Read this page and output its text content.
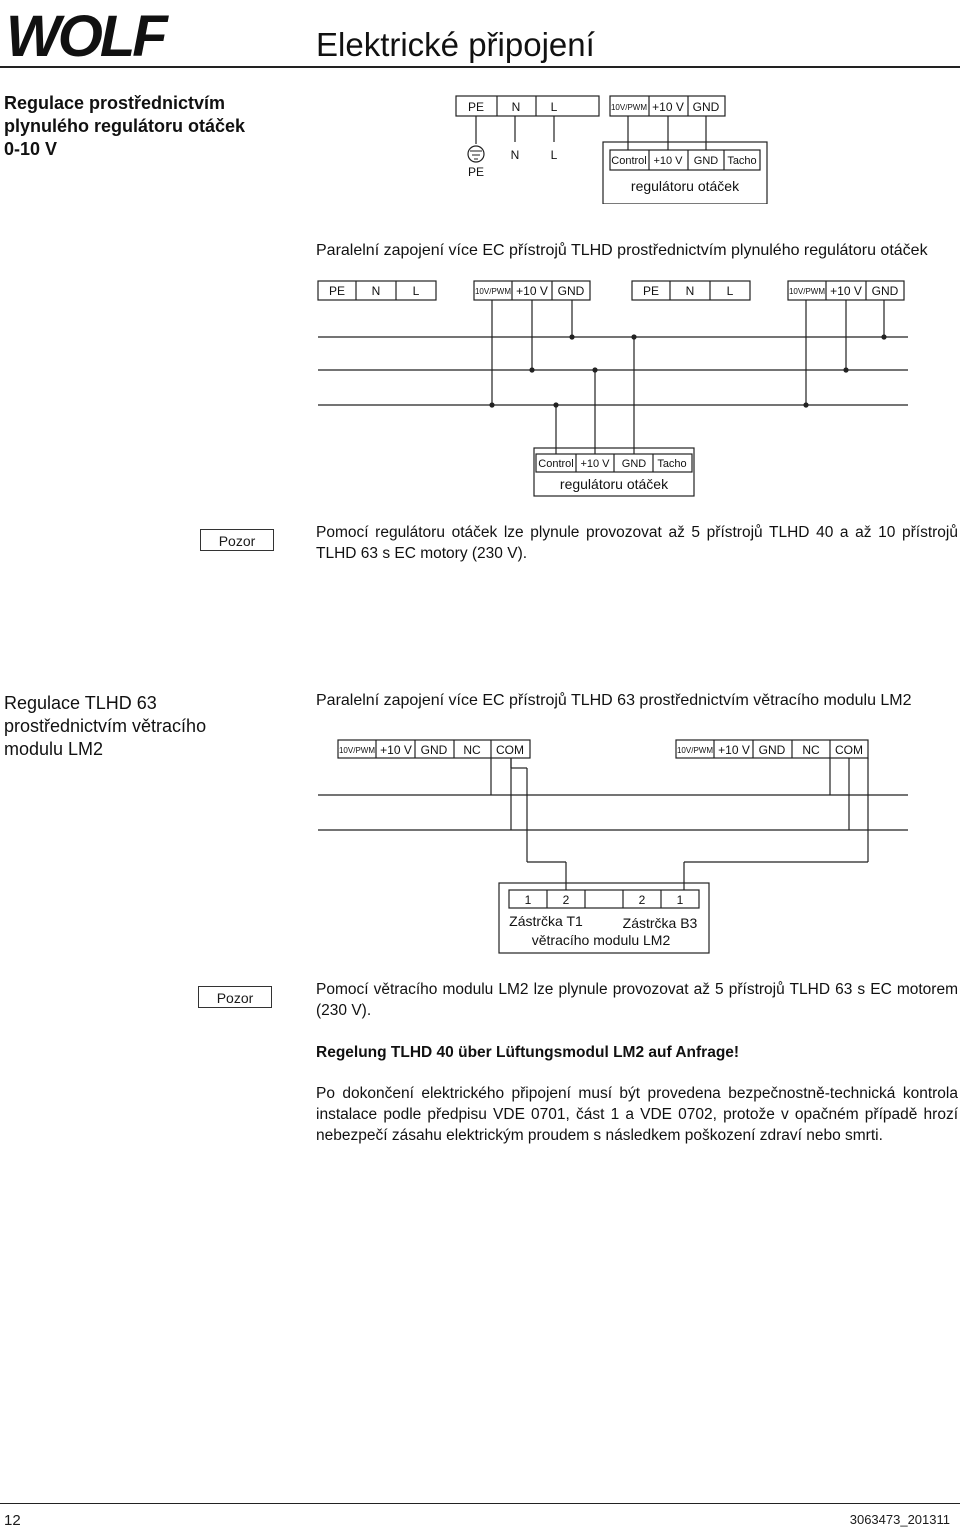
WOLF	Elektrické připojení
Regulace prostřednictvím
plynulého regulátoru otáček
0-10 V
PE N	L	10V/PWM +10 V GND
PE
N	L	Control +10 V GND Tacho
regulátoru otáček
Paralelní zapojení více EC přístrojů TLHD prostřednictvím plynulého regulátoru otáček
PE N	L	10V/PWM +10 V GND	PE N	L	10V/PWM +10 V GND
Control +10 V GND Tacho
regulátoru otáček
Pozor	Pomocí regulátoru otáček lze plynule provozovat až 5 přístrojů TLHD 40 a až 10 přístrojů TLHD 63 s EC motory (230 V).
Regulace TLHD 63
prostřednictvím větracího
modulu LM2
Paralelní zapojení více EC přístrojů TLHD 63 prostřednictvím větracího modulu LM2
10V/PWM +10 V GND NC COM	10V/PWM +10 V GND NC COM
1	2	2	1
Zástrčka T1	Zástrčka B3
větracího modulu LM2
Pozor	Pomocí větracího modulu LM2 lze plynule provozovat až 5 přístrojů TLHD 63 s EC motorem (230 V).
Regelung TLHD 40 über Lüftungsmodul LM2 auf Anfrage!
Po dokončení elektrického připojení musí být provedena bezpečnostně-technická kontrola instalace podle předpisu VDE 0701, část 1 a VDE 0702, protože v opačném případě hrozí nebezpečí zásahu elektrickým proudem s následkem poškození zdraví nebo smrti.
12	3063473_201311
